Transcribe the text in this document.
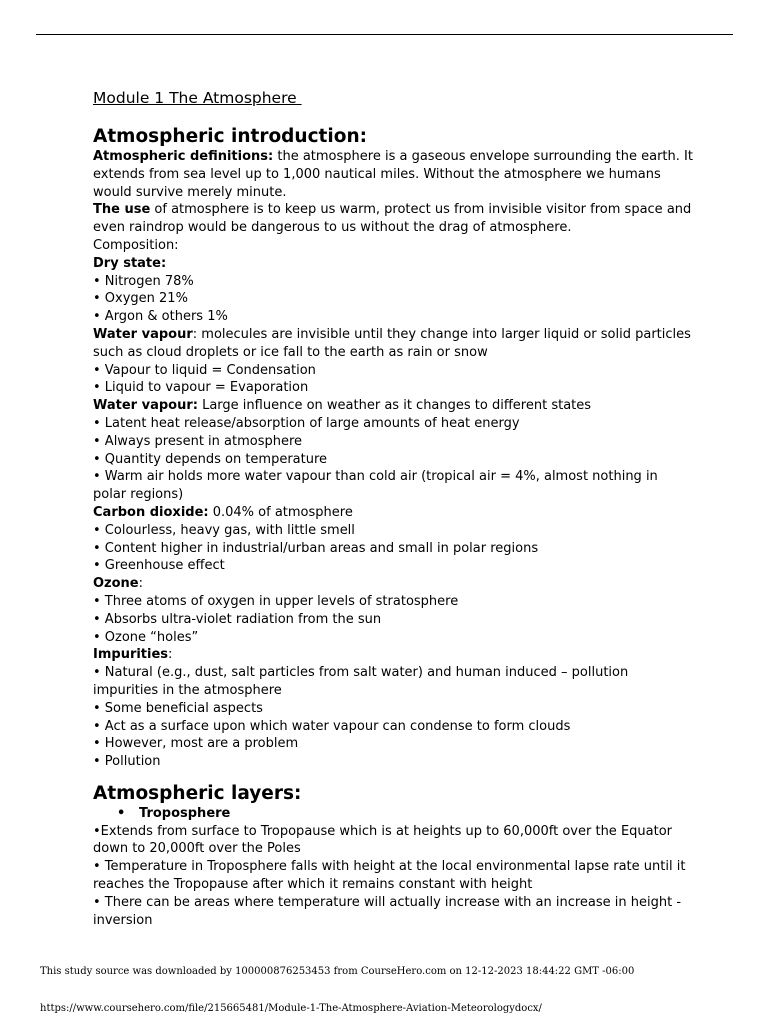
Module 1 The Atmosphere
Atmospheric introduction:

Atmospheric definitions: the atmosphere is a gaseous envelope surrounding the earth. It extends from sea level up to 1,000 nautical miles. Without the atmosphere we humans would survive merely minute.

The use of atmosphere is to keep us warm, protect us from invisible visitor from space and even raindrop would be dangerous to us without the drag of atmosphere.

Composition:

Dry state:

• Nitrogen 78%

• Oxygen 21%

• Argon & others 1%

Water vapour: molecules are invisible until they change into larger liquid or solid particles such as cloud droplets or ice fall to the earth as rain or snow

• Vapour to liquid = Condensation

• Liquid to vapour = Evaporation

Water vapour: Large influence on weather as it changes to different states

• Latent heat release/absorption of large amounts of heat energy

• Always present in atmosphere

• Quantity depends on temperature

• Warm air holds more water vapour than cold air (tropical air = 4%, almost nothing in polar regions)

Carbon dioxide: 0.04% of atmosphere

• Colourless, heavy gas, with little smell

• Content higher in industrial/urban areas and small in polar regions

• Greenhouse effect

Ozone:

• Three atoms of oxygen in upper levels of stratosphere

• Absorbs ultra-violet radiation from the sun

• Ozone “holes”

Impurities:

• Natural (e.g., dust, salt particles from salt water) and human induced – pollution impurities in the atmosphere

• Some beneficial aspects

• Act as a surface upon which water vapour can condense to form clouds

• However, most are a problem

• Pollution

Atmospheric layers:

• Troposphere

•Extends from surface to Tropopause which is at heights up to 60,000ft over the Equator down to 20,000ft over the Poles

• Temperature in Troposphere falls with height at the local environmental lapse rate until it reaches the Tropopause after which it remains constant with height

• There can be areas where temperature will actually increase with an increase in height -inversion

This study source was downloaded by 100000876253453 from CourseHero.com on 12-12-2023 18:44:22 GMT -06:00
https://www.coursehero.com/file/215665481/Module-1-The-Atmosphere-Aviation-Meteorologydocx/
